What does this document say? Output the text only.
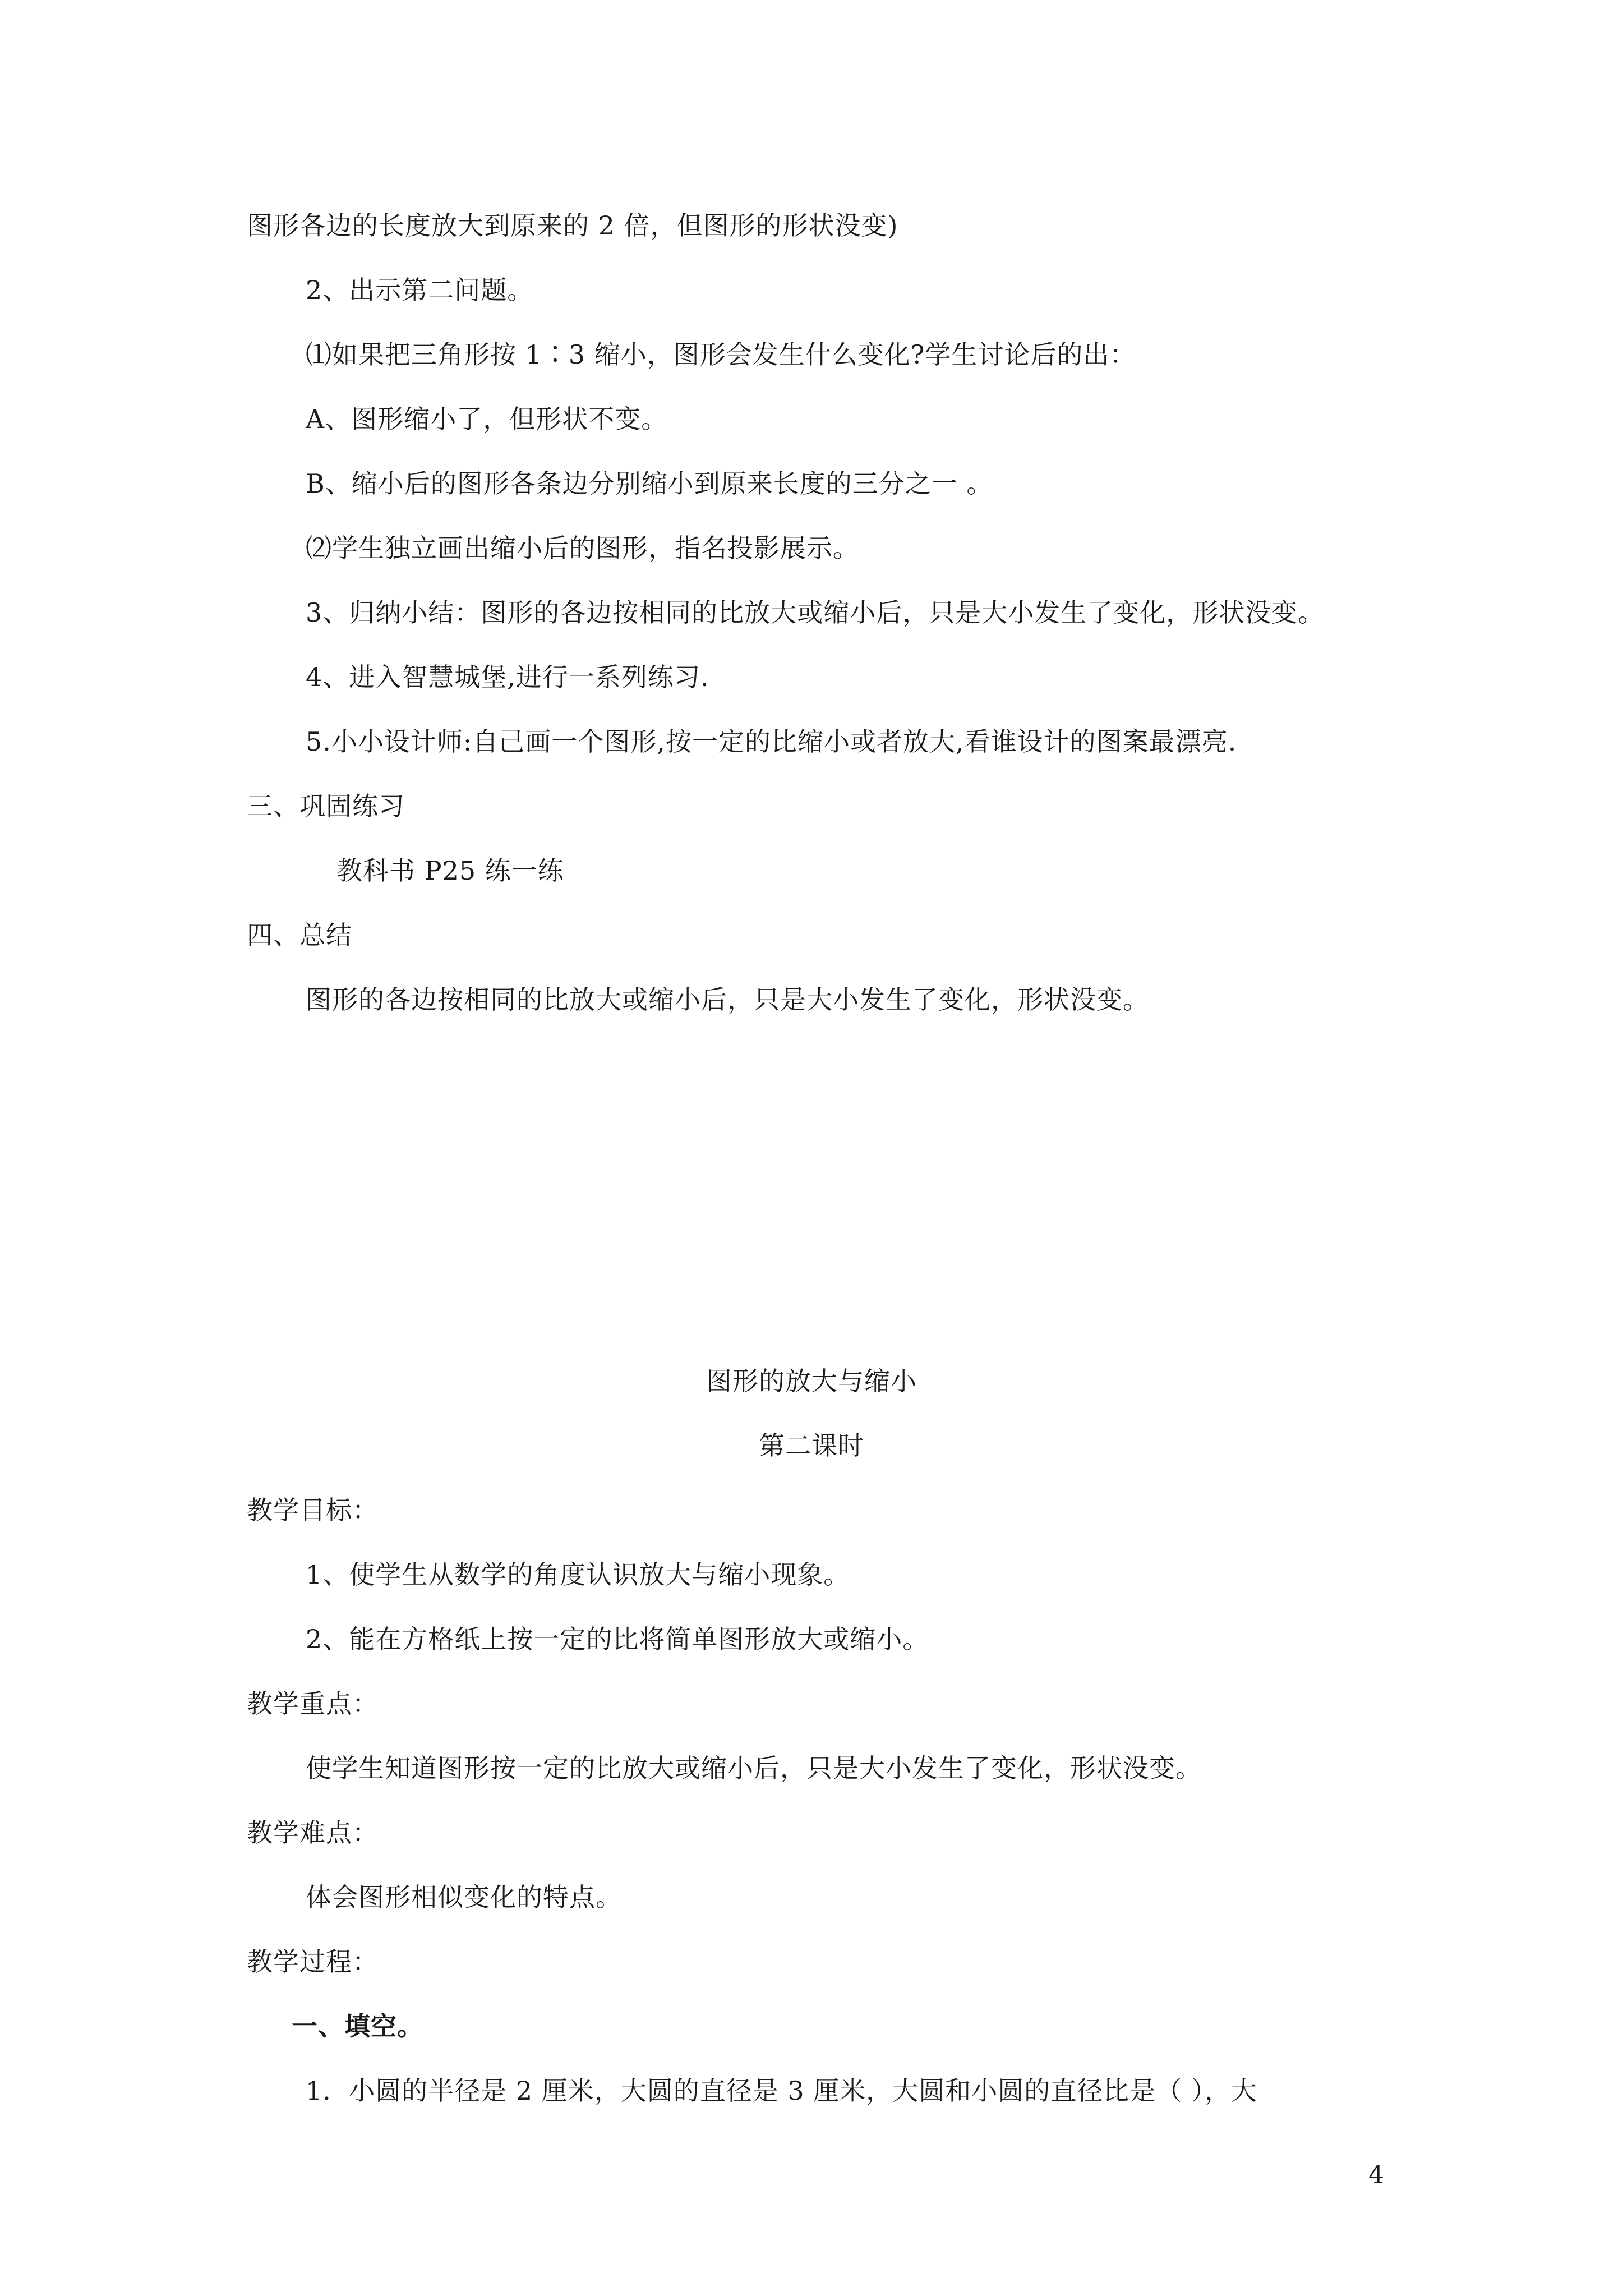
图形各边的长度放大到原来的 2 倍，但图形的形状没变)
2、出示第二问题。
⑴如果把三角形按 1∶3 缩小，图形会发生什么变化?学生讨论后的出：
A、图形缩小了，但形状不变。
B、缩小后的图形各条边分别缩小到原来长度的三分之一 。
⑵学生独立画出缩小后的图形，指名投影展示。
3、归纳小结：图形的各边按相同的比放大或缩小后，只是大小发生了变化，形状没变。
4、进入智慧城堡,进行一系列练习.
5.小小设计师:自己画一个图形,按一定的比缩小或者放大,看谁设计的图案最漂亮.
三、巩固练习
教科书 P25 练一练
四、总结
图形的各边按相同的比放大或缩小后，只是大小发生了变化，形状没变。
图形的放大与缩小
第二课时
教学目标：
1、使学生从数学的角度认识放大与缩小现象。
2、能在方格纸上按一定的比将简单图形放大或缩小。
教学重点：
使学生知道图形按一定的比放大或缩小后，只是大小发生了变化，形状没变。
教学难点：
体会图形相似变化的特点。
教学过程：
一、填空。
1．小圆的半径是 2 厘米，大圆的直径是 3 厘米，大圆和小圆的直径比是（ ），大
4
